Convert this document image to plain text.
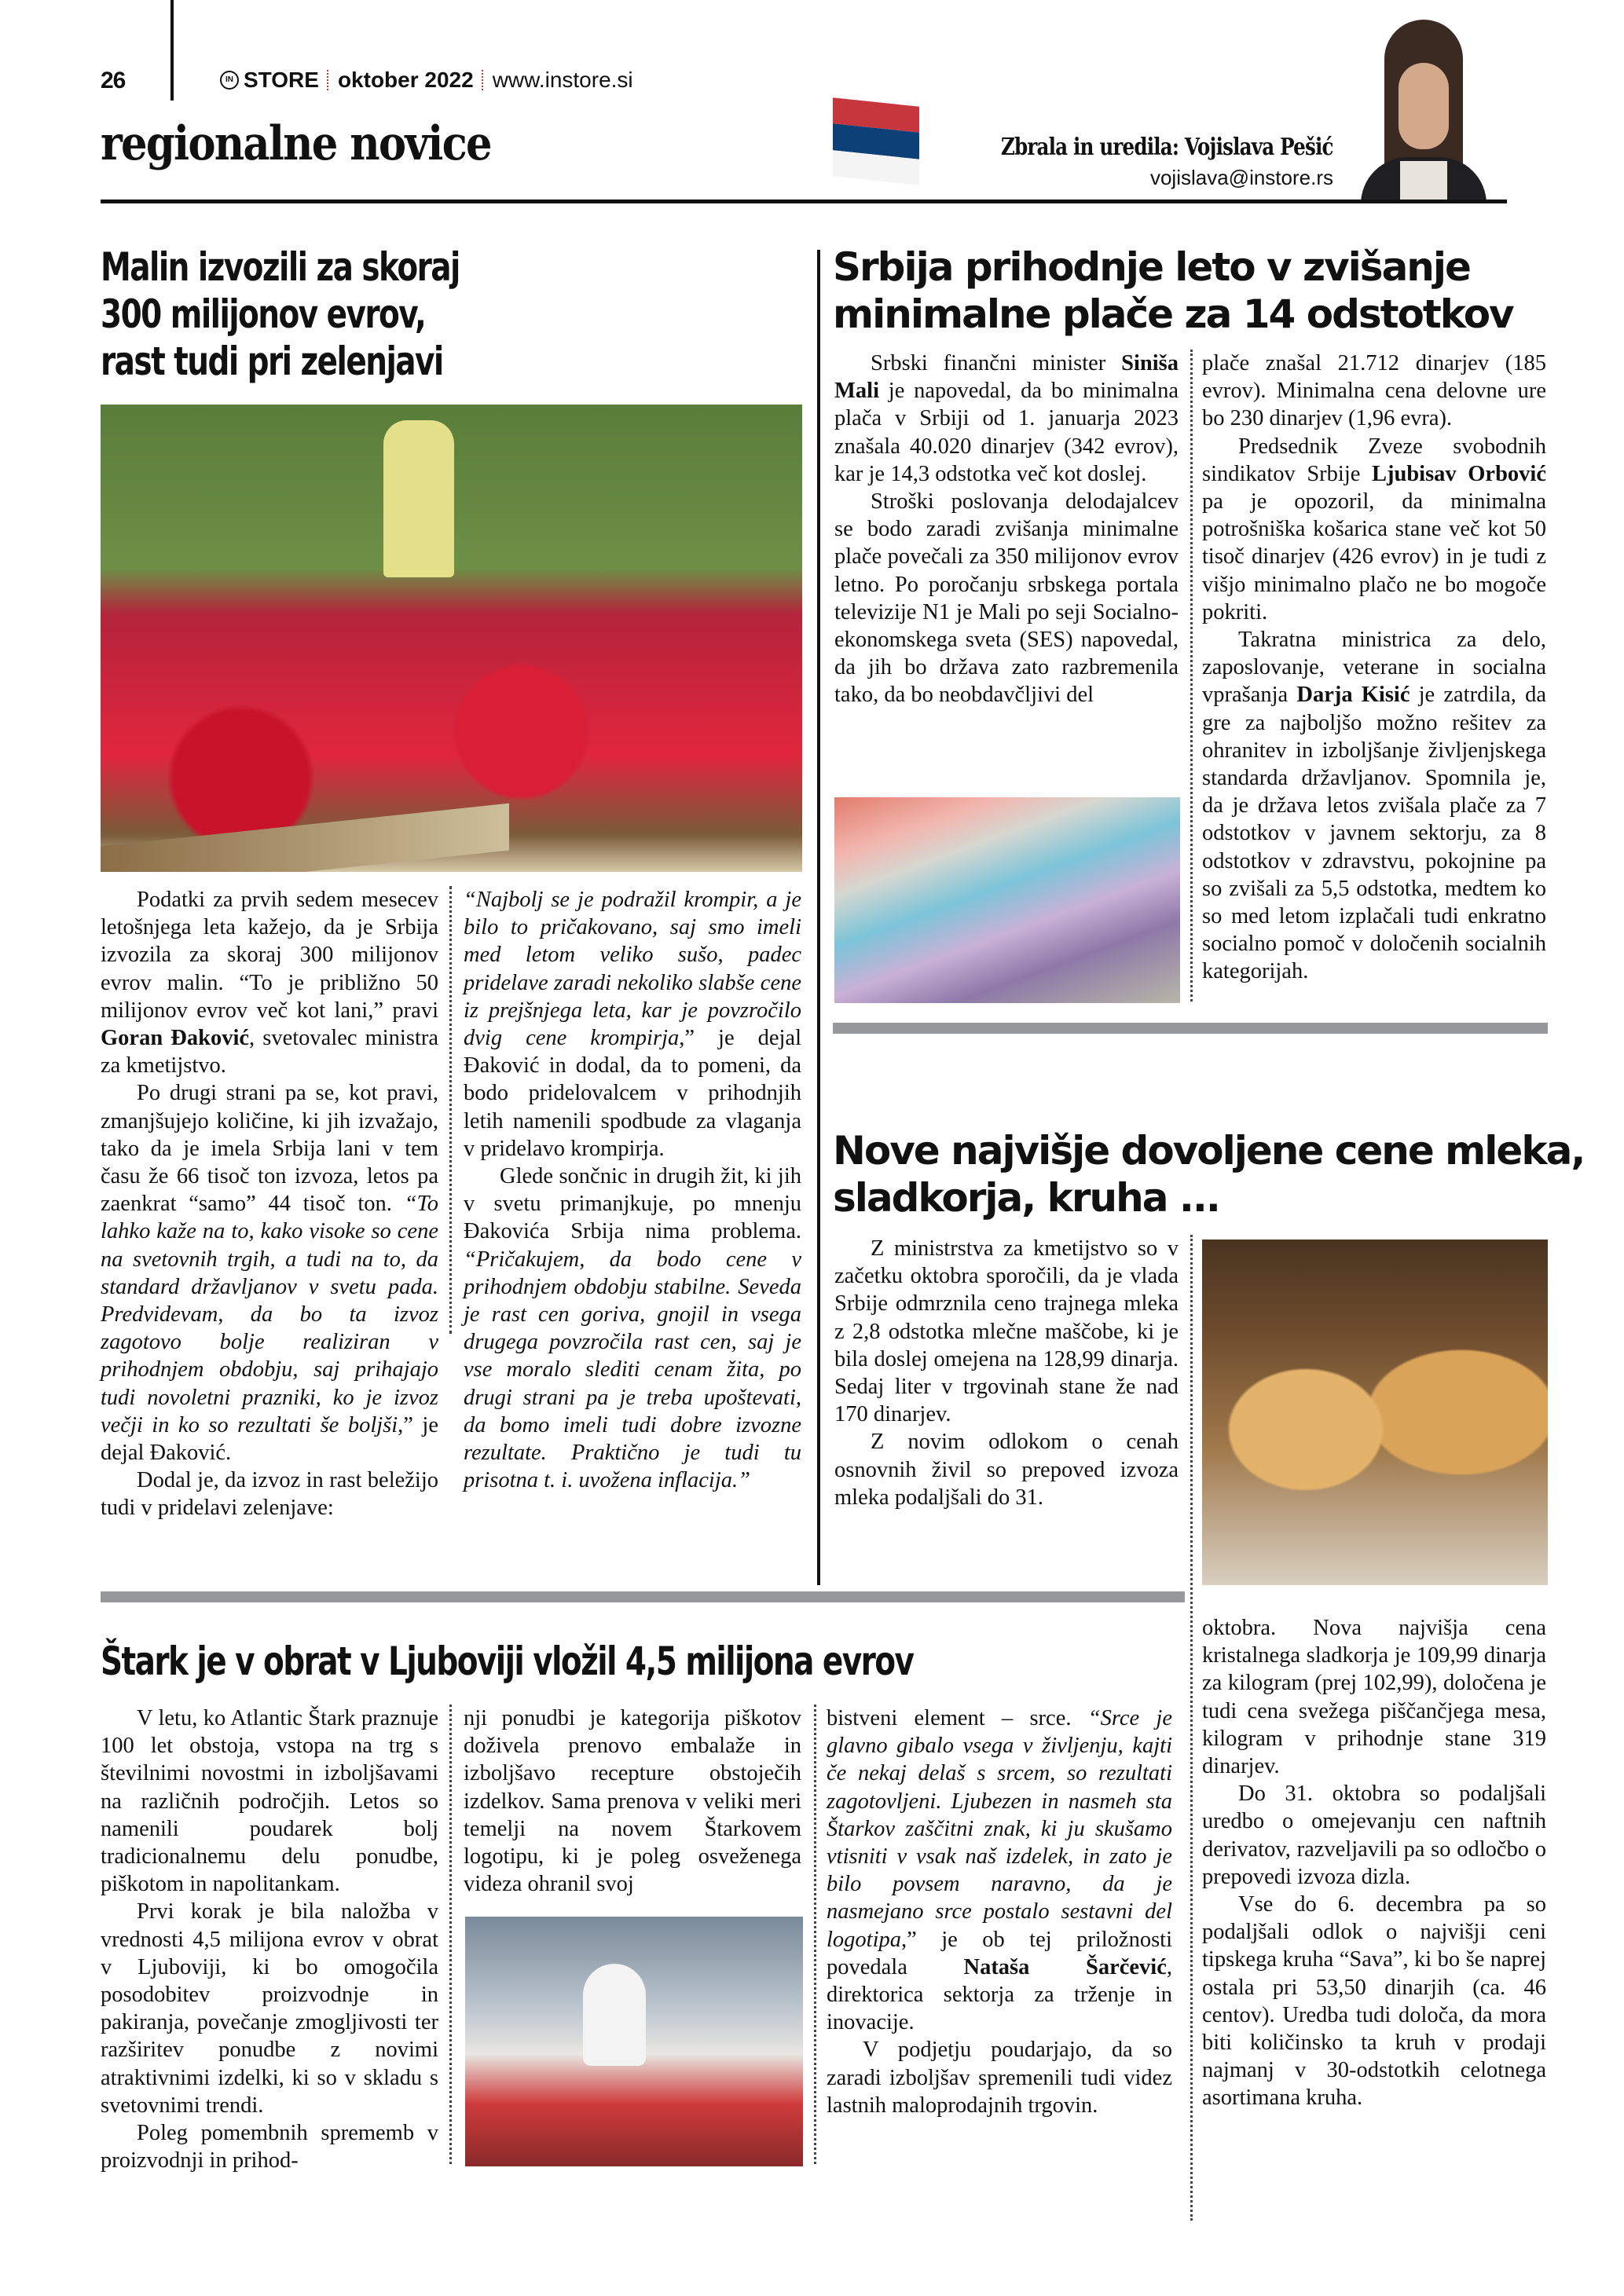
26	IN STORE oktober 2022 www.instore.si
regionalne novice	Zbrala in uredila: Vojislava Pešić
vojislava@instore.rs
Malin izvozili za skoraj
300 milijonov evrov,
rast tudi pri zelenjavi

Podatki za prvih sedem mesecev letošnjega leta kažejo, da je Srbija izvozila za skoraj 300 milijonov evrov malin. “To je približno 50 milijonov evrov več kot lani,” pravi Goran Đaković, svetovalec ministra za kmetijstvo.

Po drugi strani pa se, kot pravi, zmanjšujejo količine, ki jih izvažajo, tako da je imela Srbija lani v tem času že 66 tisoč ton izvoza, letos pa zaenkrat “samo” 44 tisoč ton. “To lahko kaže na to, kako visoke so cene na svetovnih trgih, a tudi na to, da standard državljanov v svetu pada. Predvidevam, da bo ta izvoz zagotovo bolje realiziran v prihodnjem obdobju, saj prihajajo tudi novoletni prazniki, ko je izvoz večji in ko so rezultati še boljši,” je dejal Đaković.

Dodal je, da izvoz in rast beležijo tudi v pridelavi zelenjave:

“Najbolj se je podražil krompir, a je bilo to pričakovano, saj smo imeli med letom veliko sušo, padec pridelave zaradi nekoliko slabše cene iz prejšnjega leta, kar je povzročilo dvig cene krompirja,” je dejal Đaković in dodal, da to pomeni, da bodo pridelovalcem v prihodnjih letih namenili spodbude za vlaganja v pridelavo krompirja.

Glede sončnic in drugih žit, ki jih v svetu primanjkuje, po mnenju Đakovića Srbija nima problema. “Pričakujem, da bodo cene v prihodnjem obdobju stabilne. Seveda je rast cen goriva, gnojil in vsega drugega povzročila rast cen, saj je vse moralo slediti cenam žita, po drugi strani pa je treba upoštevati, da bomo imeli tudi dobre izvozne rezultate. Praktično je tudi tu prisotna t. i. uvožena inflacija.”

Srbija prihodnje leto v zvišanje
minimalne plače za 14 odstotkov

Srbski finančni minister Siniša Mali je napovedal, da bo minimalna plača v Srbiji od 1. januarja 2023 znašala 40.020 dinarjev (342 evrov), kar je 14,3 odstotka več kot doslej.

Stroški poslovanja delodajalcev se bodo zaradi zvišanja minimalne plače povečali za 350 milijonov evrov letno. Po poročanju srbskega portala televizije N1 je Mali po seji Socialno-ekonomskega sveta (SES) napovedal, da jih bo država zato razbremenila tako, da bo neobdavčljivi del

plače znašal 21.712 dinarjev (185 evrov). Minimalna cena delovne ure bo 230 dinarjev (1,96 evra).

Predsednik Zveze svobodnih sindikatov Srbije Ljubisav Orbović pa je opozoril, da minimalna potrošniška košarica stane več kot 50 tisoč dinarjev (426 evrov) in je tudi z višjo minimalno plačo ne bo mogoče pokriti.

Takratna ministrica za delo, zaposlovanje, veterane in socialna vprašanja Darja Kisić je zatrdila, da gre za najboljšo možno rešitev za ohranitev in izboljšanje življenjskega standarda državljanov. Spomnila je, da je država letos zvišala plače za 7 odstotkov v javnem sektorju, za 8 odstotkov v zdravstvu, pokojnine pa so zvišali za 5,5 odstotka, medtem ko so med letom izplačali tudi enkratno socialno pomoč v določenih socialnih kategorijah.

Nove najvišje dovoljene cene mleka,
sladkorja, kruha ...

Z ministrstva za kmetijstvo so v začetku oktobra sporočili, da je vlada Srbije odmrznila ceno trajnega mleka z 2,8 odstotka mlečne maščobe, ki je bila doslej omejena na 128,99 dinarja. Sedaj liter v trgovinah stane že nad 170 dinarjev.

Z novim odlokom o cenah osnovnih živil so prepoved izvoza mleka podaljšali do 31.

oktobra. Nova najvišja cena kristalnega sladkorja je 109,99 dinarja za kilogram (prej 102,99), določena je tudi cena svežega piščančjega mesa, kilogram v prihodnje stane 319 dinarjev.

Do 31. oktobra so podaljšali uredbo o omejevanju cen naftnih derivatov, razveljavili pa so odločbo o prepovedi izvoza dizla.

Vse do 6. decembra pa so podaljšali odlok o najvišji ceni tipskega kruha “Sava”, ki bo še naprej ostala pri 53,50 dinarjih (ca. 46 centov). Uredba tudi določa, da mora biti količinsko ta kruh v prodaji najmanj v 30-odstotkih celotnega asortimana kruha.

Štark je v obrat v Ljuboviji vložil 4,5 milijona evrov

V letu, ko Atlantic Štark praznuje 100 let obstoja, vstopa na trg s številnimi novostmi in izboljšavami na različnih področjih. Letos so namenili poudarek bolj tradicionalnemu delu ponudbe, piškotom in napolitankam.

Prvi korak je bila naložba v vrednosti 4,5 milijona evrov v obrat v Ljuboviji, ki bo omogočila posodobitev proizvodnje in pakiranja, povečanje zmogljivosti ter razširitev ponudbe z novimi atraktivnimi izdelki, ki so v skladu s svetovnimi trendi.

Poleg pomembnih sprememb v proizvodnji in prihod-

nji ponudbi je kategorija piškotov doživela prenovo embalaže in izboljšavo recepture obstoječih izdelkov. Sama prenova v veliki meri temelji na novem Štarkovem logotipu, ki je poleg osveženega videza ohranil svoj

bistveni element – srce. “Srce je glavno gibalo vsega v življenju, kajti če nekaj delaš s srcem, so rezultati zagotovljeni. Ljubezen in nasmeh sta Štarkov zaščitni znak, ki ju skušamo vtisniti v vsak naš izdelek, in zato je bilo povsem naravno, da je nasmejano srce postalo sestavni del logotipa,” je ob tej priložnosti povedala Nataša Šarčević, direktorica sektorja za trženje in inovacije.

V podjetju poudarjajo, da so zaradi izboljšav spremenili tudi videz lastnih maloprodajnih trgovin.
